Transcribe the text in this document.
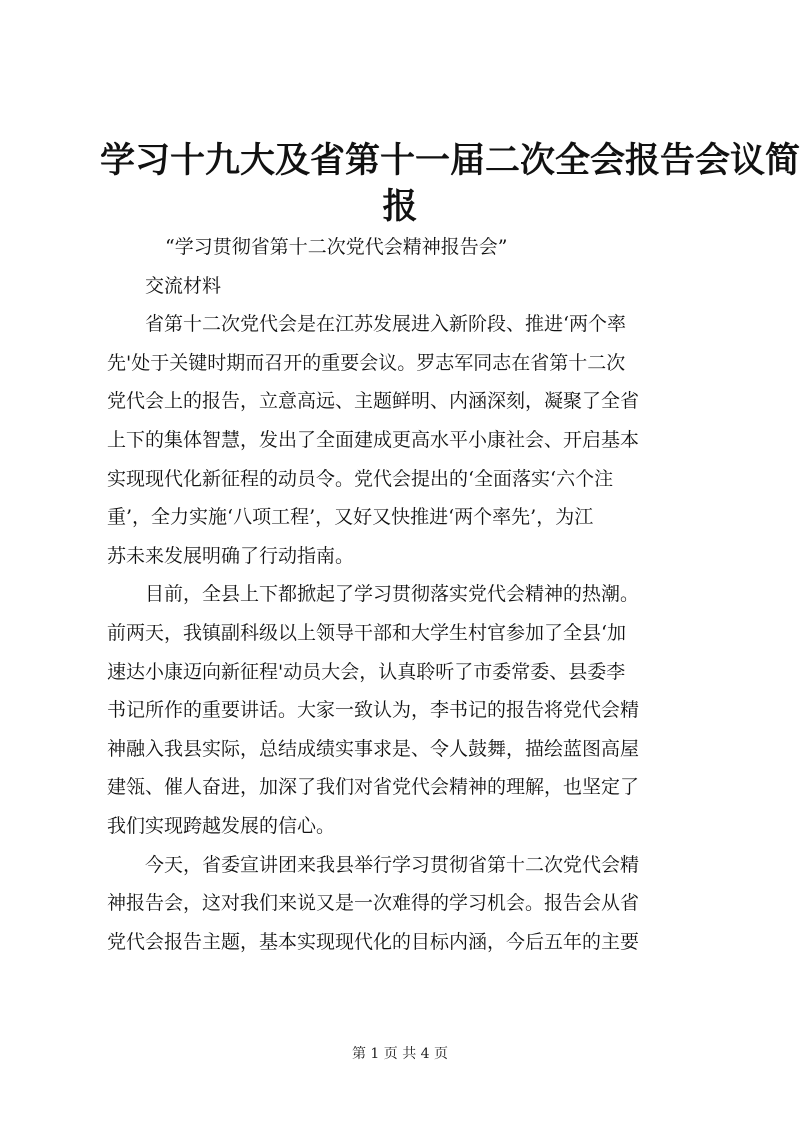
学习十九大及省第十一届二次全会报告会议简
报
“学习贯彻省第十二次党代会精神报告会”
交流材料
省第十二次党代会是在江苏发展进入新阶段、推进‘两个率
先'处于关键时期而召开的重要会议。罗志军同志在省第十二次
党代会上的报告，立意高远、主题鲜明、内涵深刻，凝聚了全省
上下的集体智慧，发出了全面建成更高水平小康社会、开启基本
实现现代化新征程的动员令。党代会提出的‘全面落实‘六个注
重’，全力实施‘八项工程’，又好又快推进‘两个率先’，为江
苏未来发展明确了行动指南。
目前，全县上下都掀起了学习贯彻落实党代会精神的热潮。
前两天，我镇副科级以上领导干部和大学生村官参加了全县‘加
速达小康迈向新征程'动员大会，认真聆听了市委常委、县委李
书记所作的重要讲话。大家一致认为，李书记的报告将党代会精
神融入我县实际，总结成绩实事求是、令人鼓舞，描绘蓝图高屋
建瓴、催人奋进，加深了我们对省党代会精神的理解，也坚定了
我们实现跨越发展的信心。
今天，省委宣讲团来我县举行学习贯彻省第十二次党代会精
神报告会，这对我们来说又是一次难得的学习机会。报告会从省
党代会报告主题，基本实现现代化的目标内涵，今后五年的主要
第 1 页 共 4 页
